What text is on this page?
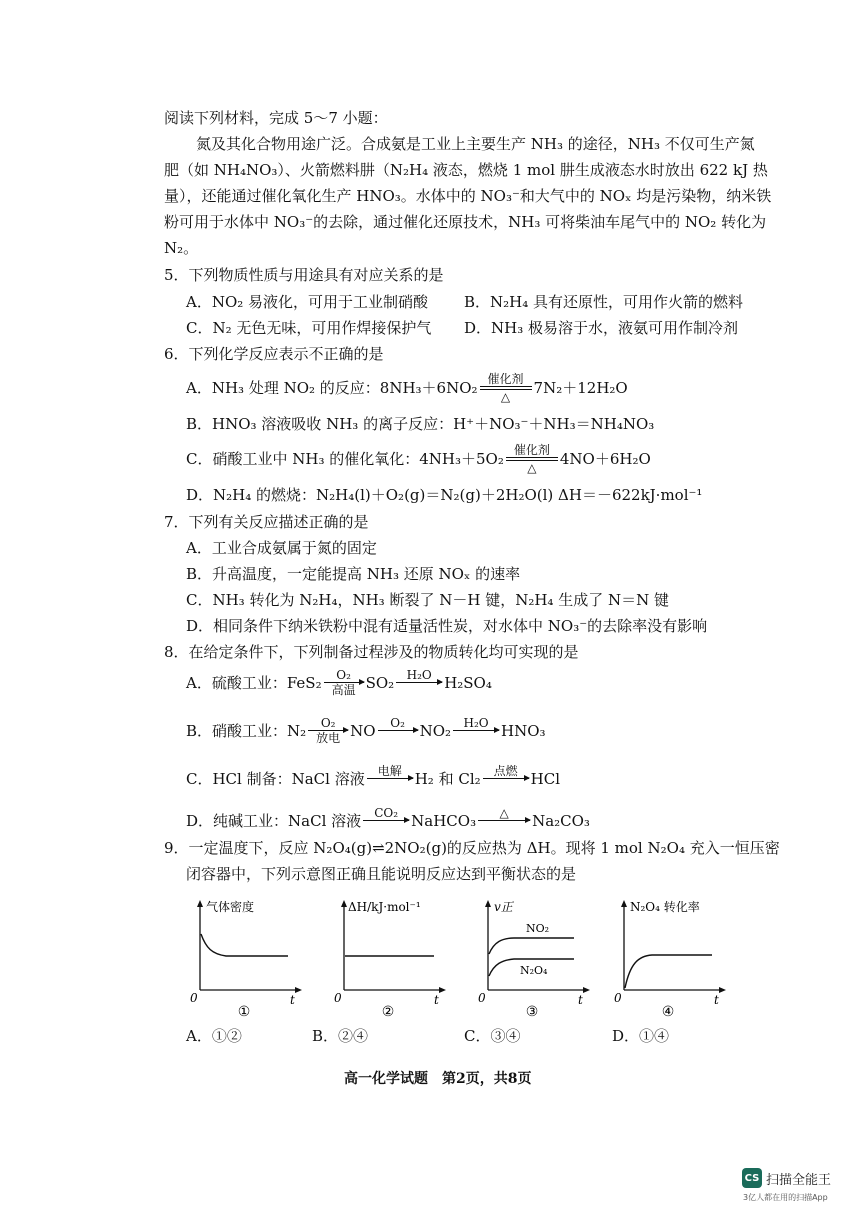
阅读下列材料，完成 5～7 小题：
氮及其化合物用途广泛。合成氨是工业上主要生产 NH₃ 的途径，NH₃ 不仅可生产氮
肥（如 NH₄NO₃）、火箭燃料肼（N₂H₄ 液态，燃烧 1 mol 肼生成液态水时放出 622 kJ 热
量），还能通过催化氧化生产 HNO₃。水体中的 NO₃⁻和大气中的 NOₓ 均是污染物，纳米铁
粉可用于水体中 NO₃⁻的去除，通过催化还原技术，NH₃ 可将柴油车尾气中的 NO₂ 转化为
N₂。
5．下列物质性质与用途具有对应关系的是
A．NO₂ 易液化，可用于工业制硝酸 B．N₂H₄ 具有还原性，可用作火箭的燃料
C．N₂ 无色无味，可用作焊接保护气 D．NH₃ 极易溶于水，液氨可用作制冷剂
6．下列化学反应表示不正确的是
A．NH₃ 处理 NO₂ 的反应：8NH₃＋6NO₂ 催化剂
△	7N₂＋12H₂O
B．HNO₃ 溶液吸收 NH₃ 的离子反应：H⁺＋NO₃⁻＋NH₃＝NH₄NO₃
C．硝酸工业中 NH₃ 的催化氧化：4NH₃＋5O₂ 催化剂
△	4NO＋6H₂O
D．N₂H₄ 的燃烧：N₂H₄(l)＋O₂(g)＝N₂(g)＋2H₂O(l) ΔH＝－622kJ·mol⁻¹
7．下列有关反应描述正确的是
A．工业合成氨属于氮的固定
B．升高温度，一定能提高 NH₃ 还原 NOₓ 的速率
C．NH₃ 转化为 N₂H₄，NH₃ 断裂了 N－H 键，N₂H₄ 生成了 N＝N 键
D．相同条件下纳米铁粉中混有适量活性炭，对水体中 NO₃⁻的去除率没有影响
8．在给定条件下，下列制备过程涉及的物质转化均可实现的是
A．硫酸工业：FeS₂	O₂
高温 SO₂	H₂O
H₂SO₄
B．硝酸工业：N₂	O₂
放电 NO	O₂
NO₂	H₂O
HNO₃
C．HCl 制备：NaCl 溶液	电解
H₂ 和 Cl₂	点燃
HCl
D．纯碱工业：NaCl 溶液	CO₂
NaHCO₃	△
	Na₂CO₃
9．一定温度下，反应 N₂O₄(g)⇌2NO₂(g)的反应热为 ΔH。现将 1 mol N₂O₄ 充入一恒压密
闭容器中，下列示意图正确且能说明反应达到平衡状态的是
气体密度
0	t
①
ΔH/kJ·mol⁻¹
0	t
②
v正
NO₂
N₂O₄
0	t
③
N₂O₄ 转化率
0	t
④
A．①②	B．②④	C．③④	D．①④
高一化学试题　第2页，共8页
CS 扫描全能王
3亿人都在用的扫描App
